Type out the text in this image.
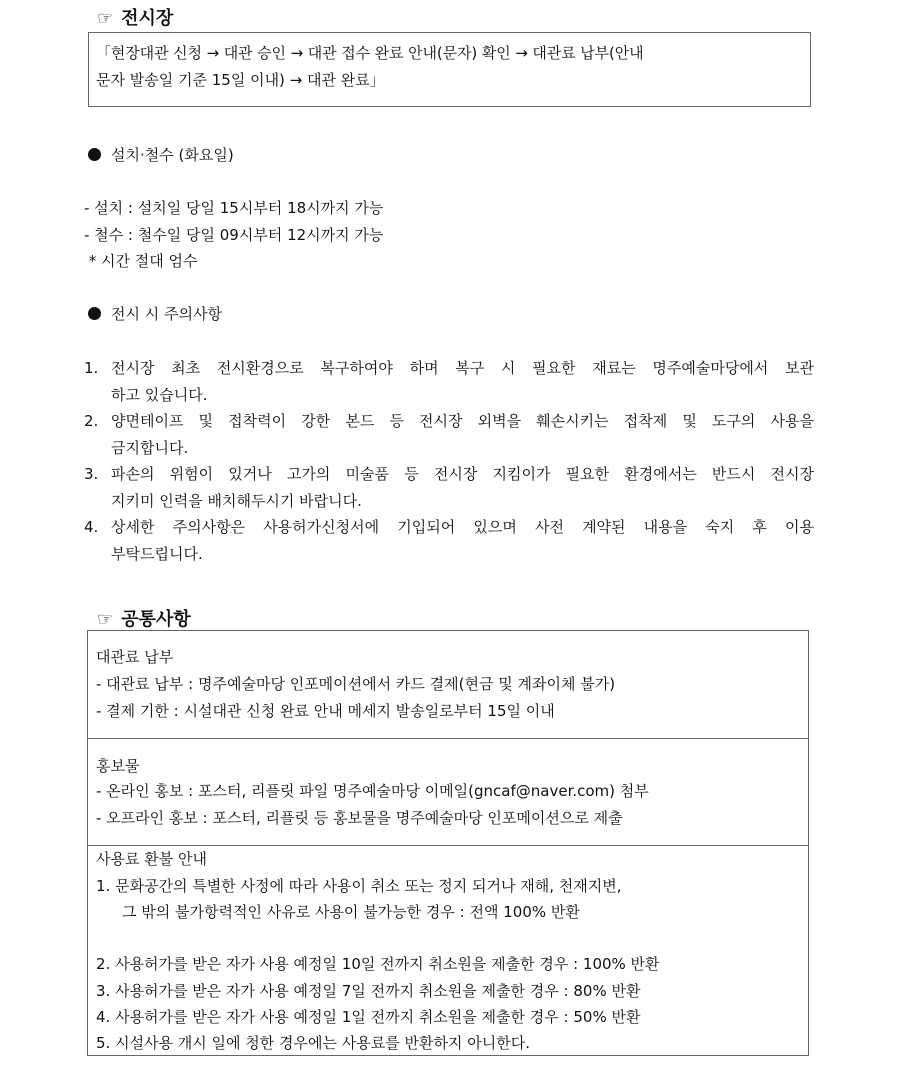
☞ 전시장
「현장대관 신청 → 대관 승인 → 대관 접수 완료 안내(문자) 확인 → 대관료 납부(안내
문자 발송일 기준 15일 이내) → 대관 완료」
설치·철수 (화요일)
- 설치 : 설치일 당일 15시부터 18시까지 가능
- 철수 : 철수일 당일 09시부터 12시까지 가능
* 시간 절대 엄수
전시 시 주의사항
1. 전시장 최초 전시환경으로 복구하여야 하며 복구 시 필요한 재료는 명주예술마당에서 보관
하고 있습니다.
2. 양면테이프 및 접착력이 강한 본드 등 전시장 외벽을 훼손시키는 접착제 및 도구의 사용을
금지합니다.
3. 파손의 위험이 있거나 고가의 미술품 등 전시장 지킴이가 필요한 환경에서는 반드시 전시장
지키미 인력을 배치해두시기 바랍니다.
4. 상세한 주의사항은 사용허가신청서에 기입되어 있으며 사전 계약된 내용을 숙지 후 이용
부탁드립니다.
☞ 공통사항
대관료 납부
- 대관료 납부 : 명주예술마당 인포메이션에서 카드 결제(현금 및 계좌이체 불가)
- 결제 기한 : 시설대관 신청 완료 안내 메세지 발송일로부터 15일 이내
홍보물
- 온라인 홍보 : 포스터, 리플릿 파일 명주예술마당 이메일(gncaf@naver.com) 첨부
- 오프라인 홍보 : 포스터, 리플릿 등 홍보물을 명주예술마당 인포메이션으로 제출
사용료 환불 안내
1. 문화공간의 특별한 사정에 따라 사용이 취소 또는 정지 되거나 재해, 천재지변,
그 밖의 불가항력적인 사유로 사용이 불가능한 경우 : 전액 100% 반환
2. 사용허가를 받은 자가 사용 예정일 10일 전까지 취소원을 제출한 경우 : 100% 반환
3. 사용허가를 받은 자가 사용 예정일 7일 전까지 취소원을 제출한 경우 : 80% 반환
4. 사용허가를 받은 자가 사용 예정일 1일 전까지 취소원을 제출한 경우 : 50% 반환
5. 시설사용 개시 일에 청한 경우에는 사용료를 반환하지 아니한다.
